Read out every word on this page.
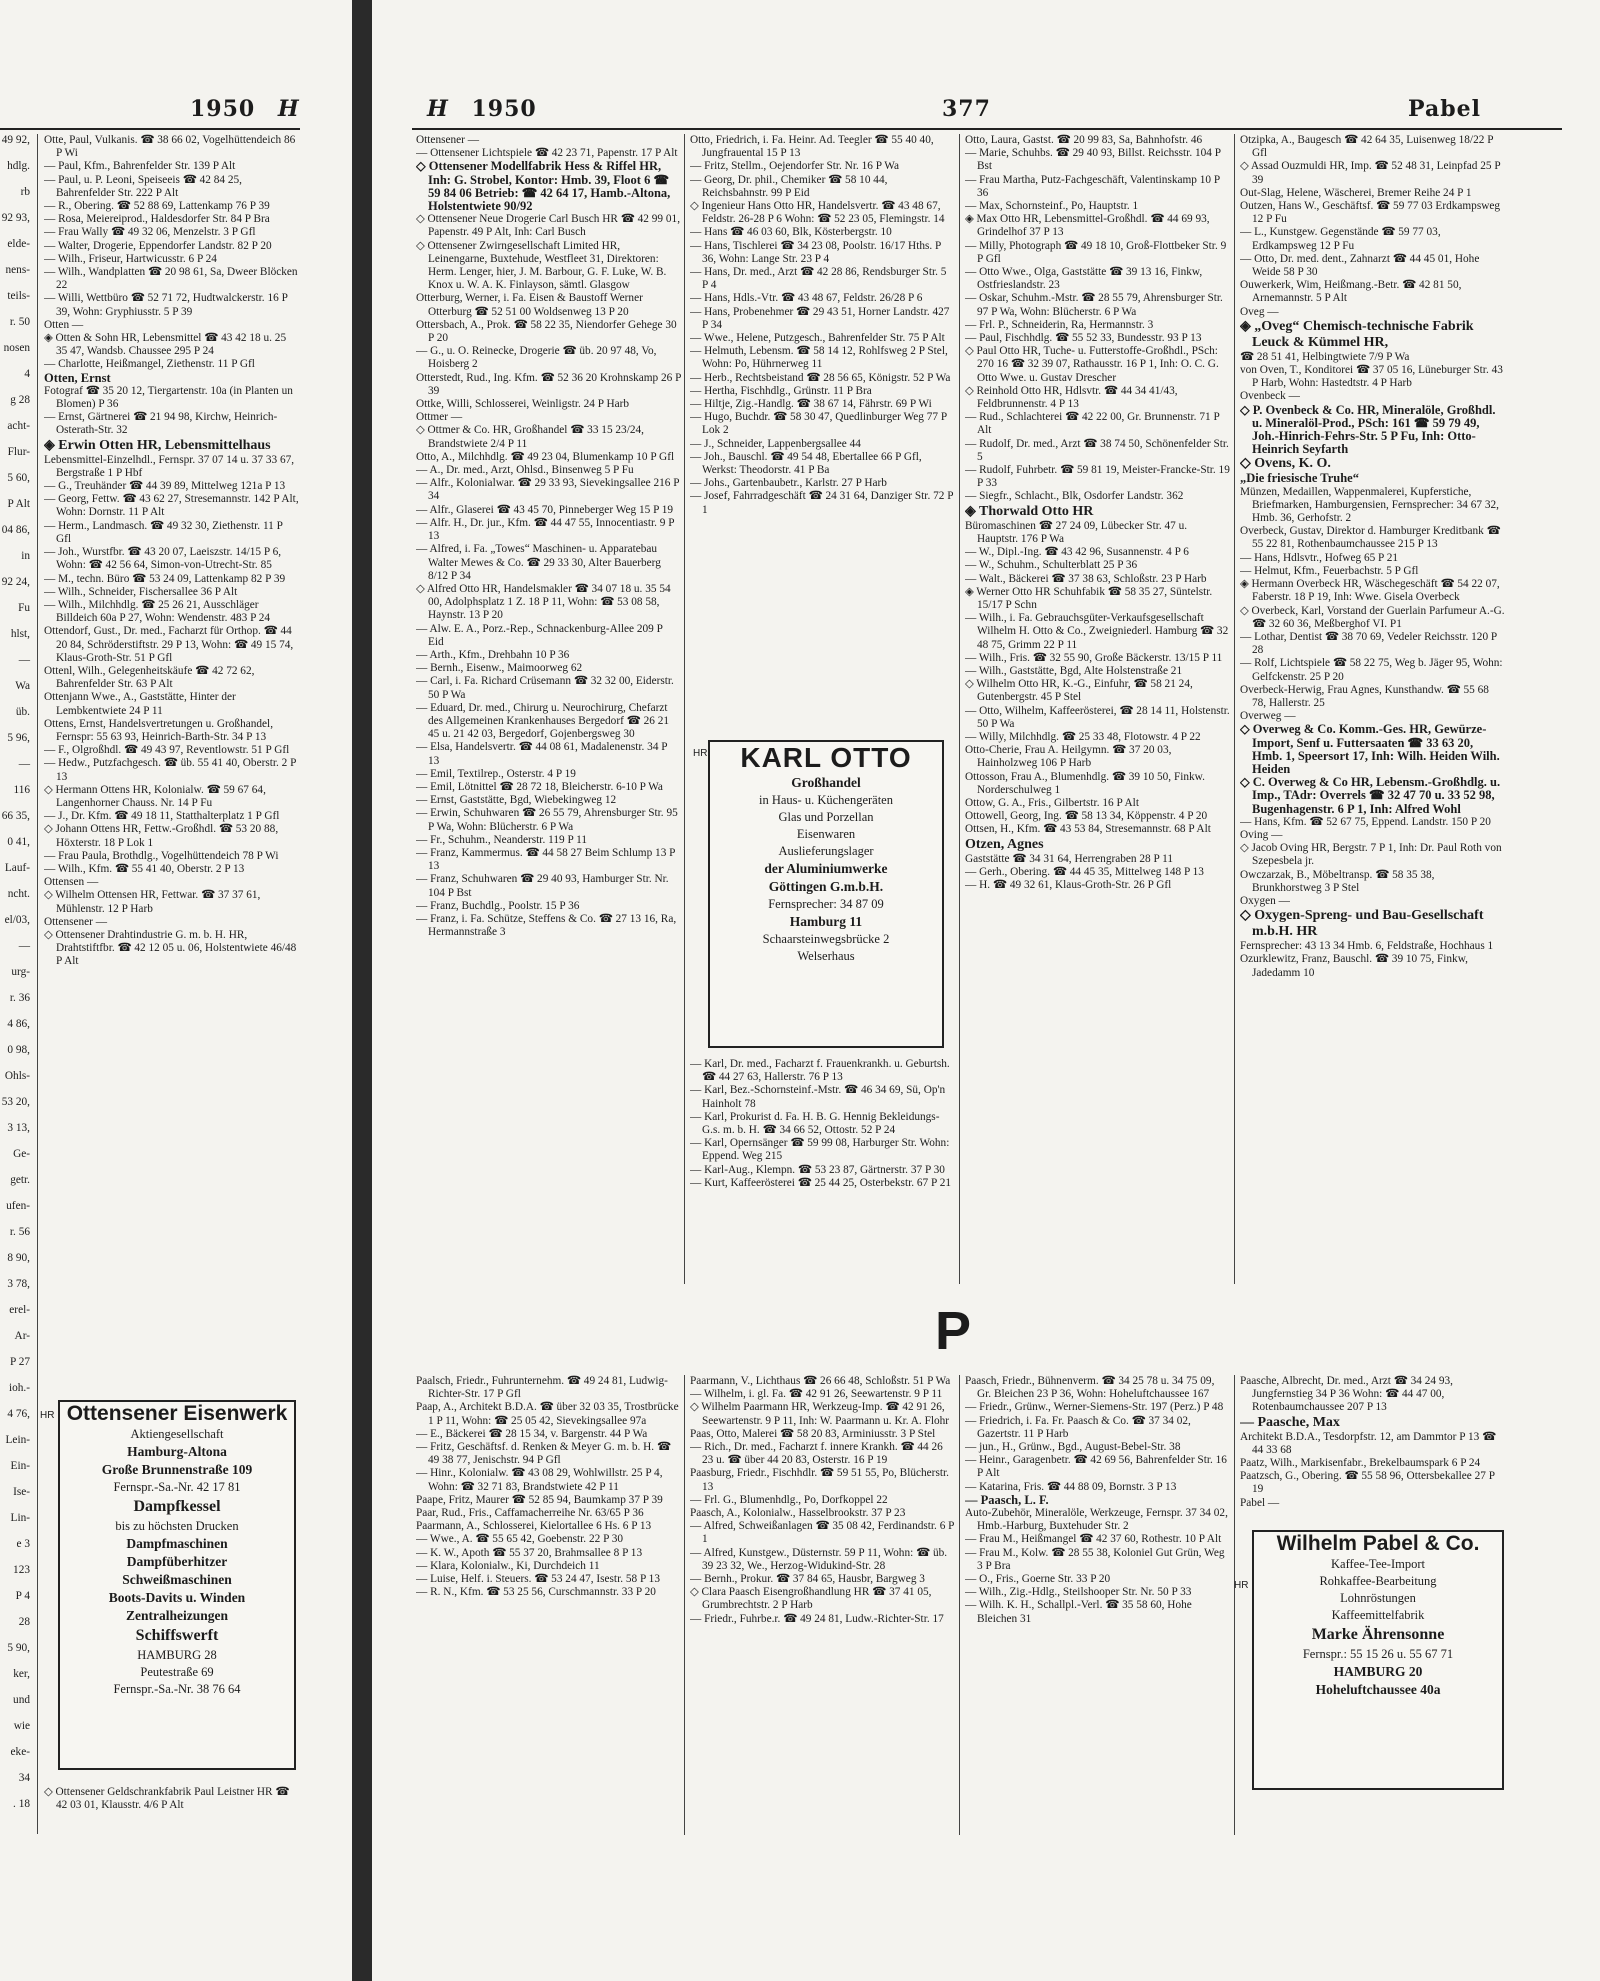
1950 H
49 92,
hdlg.
rb
92 93,
elde-
nens-
teils-
r. 50
nosen
4
g 28
acht-
Flur-
5 60,
P Alt
04 86,
in
92 24,
Fu
hlst,
—
Wa
üb.
5 96,
—
116
66 35,
0 41,
Lauf-
ncht.
el/03,
—
urg-
r. 36
4 86,
0 98,
Ohls-
53 20,
3 13,
Ge-
getr.
ufen-
r. 56
8 90,
3 78,
erel-
Ar-
P 27
ioh.-
4 76,
Lein-
Ein-
Ise-
Lin-
e 3
123
P 4
28
5 90,
ker,
und
wie
eke-
34
. 18

Otte, Paul, Vulkanis. ☎ 38 66 02, Vogelhüttendeich 86 P Wi

— Paul, Kfm., Bahrenfelder Str. 139 P Alt

— Paul, u. P. Leoni, Speiseeis ☎ 42 84 25, Bahrenfelder Str. 222 P Alt

— R., Obering. ☎ 52 88 69, Lattenkamp 76 P 39

— Rosa, Meiereiprod., Haldesdorfer Str. 84 P Bra

— Frau Wally ☎ 49 32 06, Menzelstr. 3 P Gfl

— Walter, Drogerie, Eppendorfer Landstr. 82 P 20

— Wilh., Friseur, Hartwicusstr. 6 P 24

— Wilh., Wandplatten ☎ 20 98 61, Sa, Dweer Blöcken 22

— Willi, Wettbüro ☎ 52 71 72, Hudtwalckerstr. 16 P 39, Wohn: Gryphiusstr. 5 P 39

Otten —

◈ Otten & Sohn HR, Lebensmittel ☎ 43 42 18 u. 25 35 47, Wandsb. Chaussee 295 P 24

— Charlotte, Heißmangel, Ziethenstr. 11 P Gfl

Otten, Ernst

Fotograf ☎ 35 20 12, Tiergartenstr. 10a (in Planten un Blomen) P 36

— Ernst, Gärtnerei ☎ 21 94 98, Kirchw, Heinrich-Osterath-Str. 32

◈ Erwin Otten HR, Lebensmittelhaus

Lebensmittel-Einzelhdl., Fernspr. 37 07 14 u. 37 33 67, Bergstraße 1 P Hbf

— G., Treuhänder ☎ 44 39 89, Mittelweg 121a P 13

— Georg, Fettw. ☎ 43 62 27, Stresemannstr. 142 P Alt, Wohn: Dornstr. 11 P Alt

— Herm., Landmasch. ☎ 49 32 30, Ziethenstr. 11 P Gfl

— Joh., Wurstfbr. ☎ 43 20 07, Laeiszstr. 14/15 P 6, Wohn: ☎ 42 56 64, Simon-von-Utrecht-Str. 85

— M., techn. Büro ☎ 53 24 09, Lattenkamp 82 P 39

— Wilh., Schneider, Fischersallee 36 P Alt

— Wilh., Milchhdlg. ☎ 25 26 21, Ausschläger Billdeich 60a P 27, Wohn: Wendenstr. 483 P 24

Ottendorf, Gust., Dr. med., Facharzt für Orthop. ☎ 44 20 84, Schröderstiftstr. 29 P 13, Wohn: ☎ 49 15 74, Klaus-Groth-Str. 51 P Gfl

Ottenl, Wilh., Gelegenheitskäufe ☎ 42 72 62, Bahrenfelder Str. 63 P Alt

Ottenjann Wwe., A., Gaststätte, Hinter der Lembkentwiete 24 P 11

Ottens, Ernst, Handelsvertretungen u. Großhandel, Fernspr: 55 63 93, Heinrich-Barth-Str. 34 P 13

— F., Olgroßhdl. ☎ 49 43 97, Reventlowstr. 51 P Gfl

— Hedw., Putzfachgesch. ☎ üb. 55 41 40, Oberstr. 2 P 13

◇ Hermann Ottens HR, Kolonialw. ☎ 59 67 64, Langenhorner Chauss. Nr. 14 P Fu

— J., Dr. Kfm. ☎ 49 18 11, Statthalterplatz 1 P Gfl

◇ Johann Ottens HR, Fettw.-Großhdl. ☎ 53 20 88, Höxterstr. 18 P Lok 1

— Frau Paula, Brothdlg., Vogelhüttendeich 78 P Wi

— Wilh., Kfm. ☎ 55 41 40, Oberstr. 2 P 13

Ottensen —

◇ Wilhelm Ottensen HR, Fettwar. ☎ 37 37 61, Mühlenstr. 12 P Harb

Ottensener —

◇ Ottensener Drahtindustrie G. m. b. H. HR, Drahtstiftfbr. ☎ 42 12 05 u. 06, Holstentwiete 46/48 P Alt

HR Ottensener Eisenwerk

Aktiengesellschaft

Hamburg-Altona

Große Brunnenstraße 109

Fernspr.-Sa.-Nr. 42 17 81

Dampfkessel

bis zu höchsten Drucken

Dampfmaschinen

Dampfüberhitzer

Schweißmaschinen

Boots-Davits u. Winden

Zentralheizungen

Schiffswerft

HAMBURG 28

Peutestraße 69

Fernspr.-Sa.-Nr. 38 76 64

◇ Ottensener Geldschrankfabrik Paul Leistner HR ☎ 42 03 01, Klausstr. 4/6 P Alt

H 1950	377	Pabel

Ottensener —

— Ottensener Lichtspiele ☎ 42 23 71, Papenstr. 17 P Alt

◇ Ottensener Modellfabrik Hess & Riffel HR, Inh: G. Strobel, Kontor: Hmb. 39, Floot 6 ☎ 59 84 06 Betrieb: ☎ 42 64 17, Hamb.-Altona, Holstentwiete 90/92

◇ Ottensener Neue Drogerie Carl Busch HR ☎ 42 99 01, Papenstr. 49 P Alt, Inh: Carl Busch

◇ Ottensener Zwirngesellschaft Limited HR, Leinengarne, Buxtehude, Westfleet 31, Direktoren: Herm. Lenger, hier, J. M. Barbour, G. F. Luke, W. B. Knox u. W. A. K. Finlayson, sämtl. Glasgow

Otterburg, Werner, i. Fa. Eisen & Baustoff Werner Otterburg ☎ 52 51 00 Woldsenweg 13 P 20

Ottersbach, A., Prok. ☎ 58 22 35, Niendorfer Gehege 30 P 20

— G., u. O. Reinecke, Drogerie ☎ üb. 20 97 48, Vo, Hoisberg 2

Otterstedt, Rud., Ing. Kfm. ☎ 52 36 20 Krohnskamp 26 P 39

Ottke, Willi, Schlosserei, Weinligstr. 24 P Harb

Ottmer —

◇ Ottmer & Co. HR, Großhandel ☎ 33 15 23/24, Brandstwiete 2/4 P 11

Otto, A., Milchhdlg. ☎ 49 23 04, Blumenkamp 10 P Gfl

— A., Dr. med., Arzt, Ohlsd., Binsenweg 5 P Fu

— Alfr., Kolonialwar. ☎ 29 33 93, Sievekingsallee 216 P 34

— Alfr., Glaserei ☎ 43 45 70, Pinneberger Weg 15 P 19

— Alfr. H., Dr. jur., Kfm. ☎ 44 47 55, Innocentiastr. 9 P 13

— Alfred, i. Fa. „Towes“ Maschinen- u. Apparatebau Walter Mewes & Co. ☎ 29 33 30, Alter Bauerberg 8/12 P 34

◇ Alfred Otto HR, Handelsmakler ☎ 34 07 18 u. 35 54 00, Adolphsplatz 1 Z. 18 P 11, Wohn: ☎ 53 08 58, Haynstr. 13 P 20

— Alw. E. A., Porz.-Rep., Schnackenburg-Allee 209 P Eid

— Arth., Kfm., Drehbahn 10 P 36

— Bernh., Eisenw., Maimoorweg 62

— Carl, i. Fa. Richard Crüsemann ☎ 32 32 00, Eiderstr. 50 P Wa

— Eduard, Dr. med., Chirurg u. Neurochirurg, Chefarzt des Allgemeinen Krankenhauses Bergedorf ☎ 26 21 45 u. 21 42 03, Bergedorf, Gojenbergsweg 30

— Elsa, Handelsvertr. ☎ 44 08 61, Madalenenstr. 34 P 13

— Emil, Textilrep., Osterstr. 4 P 19

— Emil, Lötnittel ☎ 28 72 18, Bleicherstr. 6-10 P Wa

— Ernst, Gaststätte, Bgd, Wiebekingweg 12

— Erwin, Schuhwaren ☎ 26 55 79, Ahrensburger Str. 95 P Wa, Wohn: Blücherstr. 6 P Wa

— Fr., Schuhm., Neanderstr. 119 P 11

— Franz, Kammermus. ☎ 44 58 27 Beim Schlump 13 P 13

— Franz, Schuhwaren ☎ 29 40 93, Hamburger Str. Nr. 104 P Bst

— Franz, Buchdlg., Poolstr. 15 P 36

— Franz, i. Fa. Schütze, Steffens & Co. ☎ 27 13 16, Ra, Hermannstraße 3

Otto, Friedrich, i. Fa. Heinr. Ad. Teegler ☎ 55 40 40, Jungfrauental 15 P 13

— Fritz, Stellm., Oejendorfer Str. Nr. 16 P Wa

— Georg, Dr. phil., Chemiker ☎ 58 10 44, Reichsbahnstr. 99 P Eid

◇ Ingenieur Hans Otto HR, Handelsvertr. ☎ 43 48 67, Feldstr. 26-28 P 6 Wohn: ☎ 52 23 05, Flemingstr. 14

— Hans ☎ 46 03 60, Blk, Kösterbergstr. 10

— Hans, Tischlerei ☎ 34 23 08, Poolstr. 16/17 Hths. P 36, Wohn: Lange Str. 23 P 4

— Hans, Dr. med., Arzt ☎ 42 28 86, Rendsburger Str. 5 P 4

— Hans, Hdls.-Vtr. ☎ 43 48 67, Feldstr. 26/28 P 6

— Hans, Probenehmer ☎ 29 43 51, Horner Landstr. 427 P 34

— Wwe., Helene, Putzgesch., Bahrenfelder Str. 75 P Alt

— Helmuth, Lebensm. ☎ 58 14 12, Rohlfsweg 2 P Stel, Wohn: Po, Hührnerweg 11

— Herb., Rechtsbeistand ☎ 28 56 65, Königstr. 52 P Wa

— Hertha, Fischhdlg., Grünstr. 11 P Bra

— Hiltje, Zig.-Handlg. ☎ 38 67 14, Fährstr. 69 P Wi

— Hugo, Buchdr. ☎ 58 30 47, Quedlinburger Weg 77 P Lok 2

— J., Schneider, Lappenbergsallee 44

— Joh., Bauschl. ☎ 49 54 48, Ebertallee 66 P Gfl, Werkst: Theodorstr. 41 P Ba

— Johs., Gartenbaubetr., Karlstr. 27 P Harb

— Josef, Fahrradgeschäft ☎ 24 31 64, Danziger Str. 72 P 1

HR	KARL OTTO

Großhandel

in Haus- u. Küchengeräten

Glas und Porzellan

Eisenwaren

Auslieferungslager

der Aluminiumwerke

Göttingen G.m.b.H.

Fernsprecher: 34 87 09

Hamburg 11

Schaarsteinwegsbrücke 2

Welserhaus

— Karl, Dr. med., Facharzt f. Frauenkrankh. u. Geburtsh. ☎ 44 27 63, Hallerstr. 76 P 13

— Karl, Bez.-Schornsteinf.-Mstr. ☎ 46 34 69, Sü, Op'n Hainholt 78

— Karl, Prokurist d. Fa. H. B. G. Hennig Bekleidungs-G.s. m. b. H. ☎ 34 66 52, Ottostr. 52 P 24

— Karl, Opernsänger ☎ 59 99 08, Harburger Str. Wohn: Eppend. Weg 215

— Karl-Aug., Klempn. ☎ 53 23 87, Gärtnerstr. 37 P 30

— Kurt, Kaffeerösterei ☎ 25 44 25, Osterbekstr. 67 P 21

Otto, Laura, Gastst. ☎ 20 99 83, Sa, Bahnhofstr. 46

— Marie, Schuhbs. ☎ 29 40 93, Billst. Reichsstr. 104 P Bst

— Frau Martha, Putz-Fachgeschäft, Valentinskamp 10 P 36

— Max, Schornsteinf., Po, Hauptstr. 1

◈ Max Otto HR, Lebensmittel-Großhdl. ☎ 44 69 93, Grindelhof 37 P 13

— Milly, Photograph ☎ 49 18 10, Groß-Flottbeker Str. 9 P Gfl

— Otto Wwe., Olga, Gaststätte ☎ 39 13 16, Finkw, Ostfrieslandstr. 23

— Oskar, Schuhm.-Mstr. ☎ 28 55 79, Ahrensburger Str. 97 P Wa, Wohn: Blücherstr. 6 P Wa

— Frl. P., Schneiderin, Ra, Hermannstr. 3

— Paul, Fischhdlg. ☎ 55 52 33, Bundesstr. 93 P 13

◇ Paul Otto HR, Tuche- u. Futterstoffe-Großhdl., PSch: 270 16 ☎ 32 39 07, Rathausstr. 16 P 1, Inh: O. C. G. Otto Wwe. u. Gustav Drescher

◇ Reinhold Otto HR, Hdlsvtr. ☎ 44 34 41/43, Feldbrunnenstr. 4 P 13

— Rud., Schlachterei ☎ 42 22 00, Gr. Brunnenstr. 71 P Alt

— Rudolf, Dr. med., Arzt ☎ 38 74 50, Schönenfelder Str. 5

— Rudolf, Fuhrbetr. ☎ 59 81 19, Meister-Francke-Str. 19 P 33

— Siegfr., Schlacht., Blk, Osdorfer Landstr. 362

◈ Thorwald Otto HR

Büromaschinen ☎ 27 24 09, Lübecker Str. 47 u. Hauptstr. 176 P Wa

— W., Dipl.-Ing. ☎ 43 42 96, Susannenstr. 4 P 6

— W., Schuhm., Schulterblatt 25 P 36

— Walt., Bäckerei ☎ 37 38 63, Schloßstr. 23 P Harb

◈ Werner Otto HR Schuhfabik ☎ 58 35 27, Süntelstr. 15/17 P Schn

— Wilh., i. Fa. Gebrauchsgüter-Verkaufsgesellschaft Wilhelm H. Otto & Co., Zweigniederl. Hamburg ☎ 32 48 75, Grimm 22 P 11

— Wilh., Fris. ☎ 32 55 90, Große Bäckerstr. 13/15 P 11

— Wilh., Gaststätte, Bgd, Alte Holstenstraße 21

◇ Wilhelm Otto HR, K.-G., Einfuhr, ☎ 58 21 24, Gutenbergstr. 45 P Stel

— Otto, Wilhelm, Kaffeerösterei, ☎ 28 14 11, Holstenstr. 50 P Wa

— Willy, Milchhdlg. ☎ 25 33 48, Flotowstr. 4 P 22

Otto-Cherie, Frau A. Heilgymn. ☎ 37 20 03, Hainholzweg 106 P Harb

Ottosson, Frau A., Blumenhdlg. ☎ 39 10 50, Finkw. Norderschulweg 1

Ottow, G. A., Fris., Gilbertstr. 16 P Alt

Ottowell, Georg, Ing. ☎ 58 13 34, Köppenstr. 4 P 20

Ottsen, H., Kfm. ☎ 43 53 84, Stresemannstr. 68 P Alt

Otzen, Agnes

Gaststätte ☎ 34 31 64, Herrengraben 28 P 11

— Gerh., Obering. ☎ 44 45 35, Mittelweg 148 P 13

— H. ☎ 49 32 61, Klaus-Groth-Str. 26 P Gfl

Otzipka, A., Baugesch ☎ 42 64 35, Luisenweg 18/22 P Gfl

◇ Assad Ouzmuldi HR, Imp. ☎ 52 48 31, Leinpfad 25 P 39

Out-Slag, Helene, Wäscherei, Bremer Reihe 24 P 1

Outzen, Hans W., Geschäftsf. ☎ 59 77 03 Erdkampsweg 12 P Fu

— L., Kunstgew. Gegenstände ☎ 59 77 03, Erdkampsweg 12 P Fu

— Otto, Dr. med. dent., Zahnarzt ☎ 44 45 01, Hohe Weide 58 P 30

Ouwerkerk, Wim, Heißmang.-Betr. ☎ 42 81 50, Arnemannstr. 5 P Alt

Oveg —

◈ „Oveg“ Chemisch-technische Fabrik Leuck & Kümmel HR,

☎ 28 51 41, Helbingtwiete 7/9 P Wa

von Oven, T., Konditorei ☎ 37 05 16, Lüneburger Str. 43 P Harb, Wohn: Hastedtstr. 4 P Harb

Ovenbeck —

◇ P. Ovenbeck & Co. HR, Mineralöle, Großhdl. u. Mineralöl-Prod., PSch: 161 ☎ 59 79 49, Joh.-Hinrich-Fehrs-Str. 5 P Fu, Inh: Otto-Heinrich Seyfarth

◇ Ovens, K. O.

„Die friesische Truhe“

Münzen, Medaillen, Wappenmalerei, Kupferstiche, Briefmarken, Hamburgensien, Fernsprecher: 34 67 32, Hmb. 36, Gerhofstr. 2

Overbeck, Gustav, Direktor d. Hamburger Kreditbank ☎ 55 22 81, Rothenbaumchaussee 215 P 13

— Hans, Hdlsvtr., Hofweg 65 P 21

— Helmut, Kfm., Feuerbachstr. 5 P Gfl

◈ Hermann Overbeck HR, Wäschegeschäft ☎ 54 22 07, Faberstr. 18 P 19, Inh: Wwe. Gisela Overbeck

◇ Overbeck, Karl, Vorstand der Guerlain Parfumeur A.-G. ☎ 32 60 36, Meßberghof VI. P1

— Lothar, Dentist ☎ 38 70 69, Vedeler Reichsstr. 120 P 28

— Rolf, Lichtspiele ☎ 58 22 75, Weg b. Jäger 95, Wohn: Gelfckenstr. 25 P 20

Overbeck-Herwig, Frau Agnes, Kunsthandw. ☎ 55 68 78, Hallerstr. 25

Overweg —

◇ Overweg & Co. Komm.-Ges. HR, Gewürze-Import, Senf u. Futtersaaten ☎ 33 63 20, Hmb. 1, Speersort 17, Inh: Wilh. Heiden Wilh. Heiden

◇ C. Overweg & Co HR, Lebensm.-Großhdlg. u. Imp., TAdr: Overrels ☎ 32 47 70 u. 33 52 98, Bugenhagenstr. 6 P 1, Inh: Alfred Wohl

— Hans, Kfm. ☎ 52 67 75, Eppend. Landstr. 150 P 20

Oving —

◇ Jacob Oving HR, Bergstr. 7 P 1, Inh: Dr. Paul Roth von Szepesbela jr.

Owczarzak, B., Möbeltransp. ☎ 58 35 38, Brunkhorstweg 3 P Stel

Oxygen —

◇ Oxygen-Spreng- und Bau-Gesellschaft m.b.H. HR

Fernsprecher: 43 13 34 Hmb. 6, Feldstraße, Hochhaus 1

Ozurklewitz, Franz, Bauschl. ☎ 39 10 75, Finkw, Jadedamm 10

P

Paalsch, Friedr., Fuhrunternehm. ☎ 49 24 81, Ludwig-Richter-Str. 17 P Gfl

Paap, A., Architekt B.D.A. ☎ über 32 03 35, Trostbrücke 1 P 11, Wohn: ☎ 25 05 42, Sievekingsallee 97a

— E., Bäckerei ☎ 28 15 34, v. Bargenstr. 44 P Wa

— Fritz, Geschäftsf. d. Renken & Meyer G. m. b. H. ☎ 49 38 77, Jenischstr. 94 P Gfl

— Hinr., Kolonialw. ☎ 43 08 29, Wohlwillstr. 25 P 4, Wohn: ☎ 32 71 83, Brandstwiete 42 P 11

Paape, Fritz, Maurer ☎ 52 85 94, Baumkamp 37 P 39

Paar, Rud., Fris., Caffamacherreihe Nr. 63/65 P 36

Paarmann, A., Schlosserei, Kielortallee 6 Hs. 6 P 13

— Wwe., A. ☎ 55 65 42, Goebenstr. 22 P 30

— K. W., Apoth ☎ 55 37 20, Brahmsallee 8 P 13

— Klara, Kolonialw., Ki, Durchdeich 11

— Luise, Helf. i. Steuers. ☎ 53 24 47, Isestr. 58 P 13

— R. N., Kfm. ☎ 53 25 56, Curschmannstr. 33 P 20

Paarmann, V., Lichthaus ☎ 26 66 48, Schloßstr. 51 P Wa

— Wilhelm, i. gl. Fa. ☎ 42 91 26, Seewartenstr. 9 P 11

◇ Wilhelm Paarmann HR, Werkzeug-Imp. ☎ 42 91 26, Seewartenstr. 9 P 11, Inh: W. Paarmann u. Kr. A. Flohr

Paas, Otto, Malerei ☎ 58 20 83, Arminiusstr. 3 P Stel

— Rich., Dr. med., Facharzt f. innere Krankh. ☎ 44 26 23 u. ☎ über 44 20 83, Osterstr. 16 P 19

Paasburg, Friedr., Fischhdlr. ☎ 59 51 55, Po, Blücherstr. 13

— Frl. G., Blumenhdlg., Po, Dorfkoppel 22

Paasch, A., Kolonialw., Hasselbrookstr. 37 P 23

— Alfred, Schweißanlagen ☎ 35 08 42, Ferdinandstr. 6 P 1

— Alfred, Kunstgew., Düsternstr. 59 P 11, Wohn: ☎ üb. 39 23 32, We., Herzog-Widukind-Str. 28

— Bernh., Prokur. ☎ 37 84 65, Hausbr, Bargweg 3

◇ Clara Paasch Eisengroßhandlung HR ☎ 37 41 05, Grumbrechtstr. 2 P Harb

— Friedr., Fuhrbe.r. ☎ 49 24 81, Ludw.-Richter-Str. 17

Paasch, Friedr., Bühnenverm. ☎ 34 25 78 u. 34 75 09, Gr. Bleichen 23 P 36, Wohn: Hoheluftchaussee 167

— Friedr., Grünw., Werner-Siemens-Str. 197 (Perz.) P 48

— Friedrich, i. Fa. Fr. Paasch & Co. ☎ 37 34 02, Gazertstr. 11 P Harb

— jun., H., Grünw., Bgd., August-Bebel-Str. 38

— Heinr., Garagenbetr. ☎ 42 69 56, Bahrenfelder Str. 16 P Alt

— Katarina, Fris. ☎ 44 88 09, Bornstr. 3 P 13

— Paasch, L. F.

Auto-Zubehör, Mineralöle, Werkzeuge, Fernspr. 37 34 02, Hmb.-Harburg, Buxtehuder Str. 2

— Frau M., Heißmangel ☎ 42 37 60, Rothestr. 10 P Alt

— Frau M., Kolw. ☎ 28 55 38, Koloniel Gut Grün, Weg 3 P Bra

— O., Fris., Goerne Str. 33 P 20

— Wilh., Zig.-Hdlg., Steilshooper Str. Nr. 50 P 33

— Wilh. K. H., Schallpl.-Verl. ☎ 35 58 60, Hohe Bleichen 31

Paasche, Albrecht, Dr. med., Arzt ☎ 34 24 93, Jungfernstieg 34 P 36 Wohn: ☎ 44 47 00, Rotenbaumchaussee 207 P 13

— Paasche, Max

Architekt B.D.A., Tesdorpfstr. 12, am Dammtor P 13 ☎ 44 33 68

Paatz, Wilh., Markisenfabr., Brekelbaumspark 6 P 24

Paatzsch, G., Obering. ☎ 55 58 96, Ottersbekallee 27 P 19

Pabel —

HR

Wilhelm Pabel & Co.

Kaffee-Tee-Import

Rohkaffee-Bearbeitung

Lohnröstungen

Kaffeemittelfabrik

Marke Ährensonne

Fernspr.: 55 15 26 u. 55 67 71

HAMBURG 20

Hoheluftchaussee 40a
